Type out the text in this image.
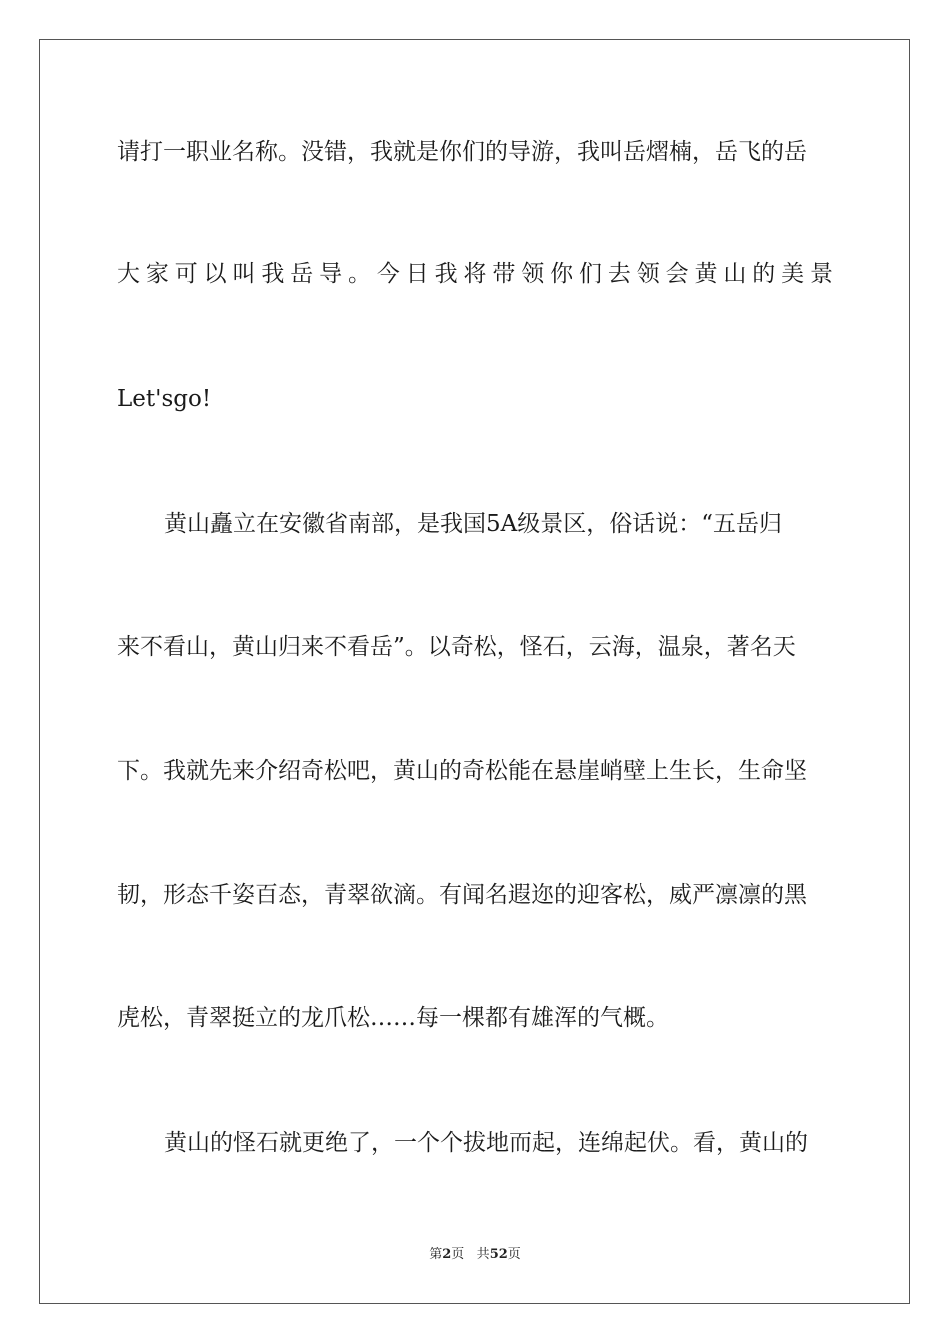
请打一职业名称。没错，我就是你们的导游，我叫岳熠楠，岳飞的岳
大 家 可 以 叫 我 岳 导 。 今 日 我 将 带 领 你 们 去 领 会 黄 山 的 美 景
Let'sgo!
黄山矗立在安徽省南部，是我国5A级景区，俗话说：“五岳归
来不看山，黄山归来不看岳”。以奇松，怪石，云海，温泉，著名天
下。我就先来介绍奇松吧，黄山的奇松能在悬崖峭壁上生长，生命坚
韧，形态千姿百态，青翠欲滴。有闻名遐迩的迎客松，威严凛凛的黑
虎松，青翠挺立的龙爪松……每一棵都有雄浑的气概。
黄山的怪石就更绝了，一个个拔地而起，连绵起伏。看，黄山的
第2页 共52页
